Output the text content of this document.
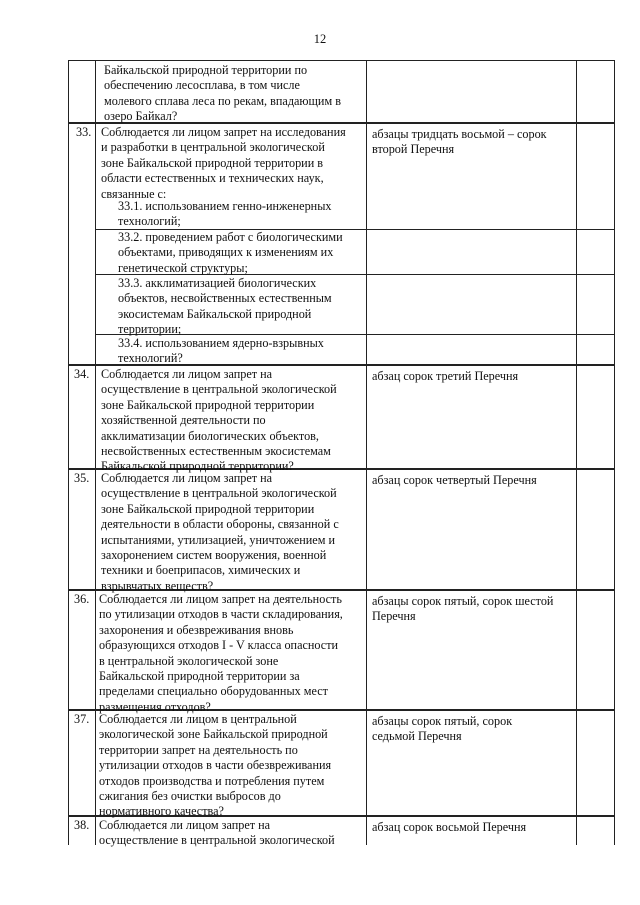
12
Байкальской природной территории по
обеспечению лесосплава, в том числе
молевого сплава леса по рекам, впадающим в
озеро Байкал?
33. Соблюдается ли лицом запрет на исследования
и разработки в центральной экологической
зоне Байкальской природной территории в
области естественных и технических наук,
связанные с:
абзацы тридцать восьмой – сорок
второй Перечня
33.1. использованием генно-инженерных
технологий;
33.2. проведением работ с биологическими
объектами, приводящих к изменениям их
генетической структуры;
33.3. акклиматизацией биологических
объектов, несвойственных естественным
экосистемам Байкальской природной
территории;
33.4. использованием ядерно-взрывных
технологий?
34. Соблюдается ли лицом запрет на
осуществление в центральной экологической
зоне Байкальской природной территории
хозяйственной деятельности по
акклиматизации биологических объектов,
несвойственных естественным экосистемам
Байкальской природной территории?
абзац сорок третий Перечня
35. Соблюдается ли лицом запрет на
осуществление в центральной экологической
зоне Байкальской природной территории
деятельности в области обороны, связанной с
испытаниями, утилизацией, уничтожением и
захоронением систем вооружения, военной
техники и боеприпасов, химических и
взрывчатых веществ?
абзац сорок четвертый Перечня
36. Соблюдается ли лицом запрет на деятельность
по утилизации отходов в части складирования,
захоронения и обезвреживания вновь
образующихся отходов I - V класса опасности
в центральной экологической зоне
Байкальской природной территории за
пределами специально оборудованных мест
размещения отходов?
абзацы сорок пятый, сорок шестой
Перечня
37. Соблюдается ли лицом в центральной
экологической зоне Байкальской природной
территории запрет на деятельность по
утилизации отходов в части обезвреживания
отходов производства и потребления путем
сжигания без очистки выбросов до
нормативного качества?
абзацы сорок пятый, сорок
седьмой Перечня
38. Соблюдается ли лицом запрет на
осуществление в центральной экологической
абзац сорок восьмой Перечня
